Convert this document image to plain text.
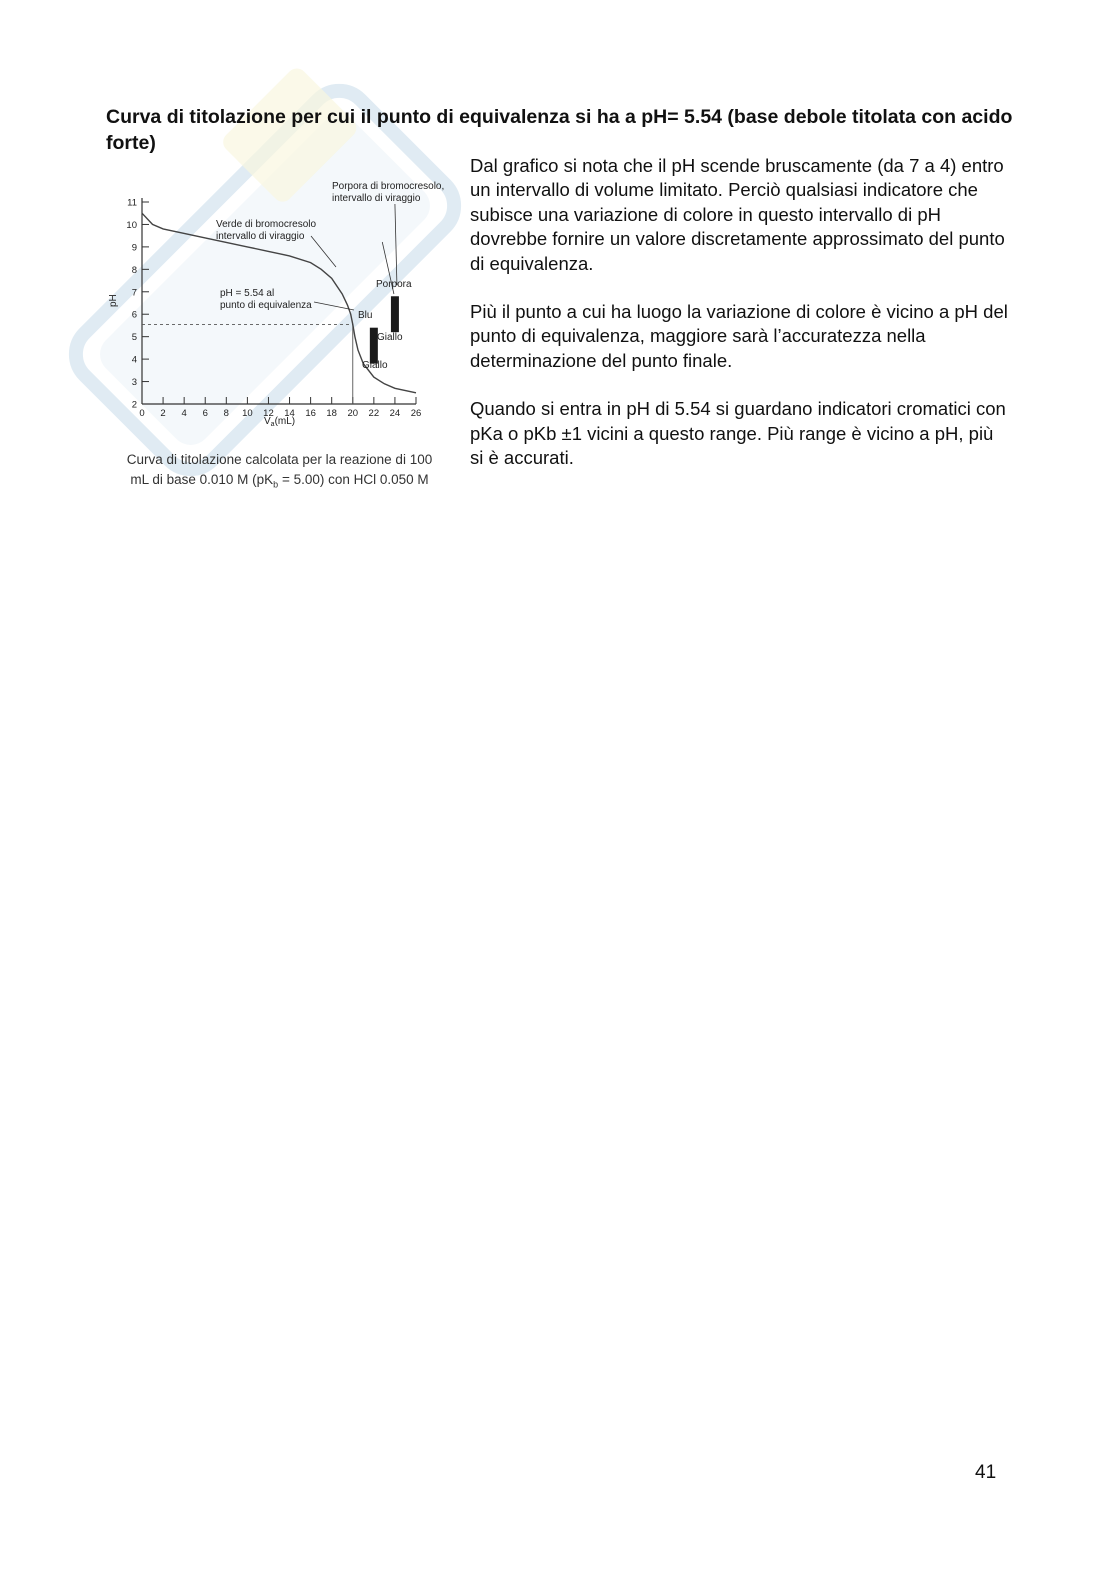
Curva di titolazione per cui il punto di equivalenza si ha a pH= 5.54 (base debole titolata con acido forte)
0 2 4 6 8 10 12 14 16 18 20 22 24 26
2
3
4
5
6
7
8
9
10
11
Porpora di bromocresolo,
intervallo di viraggio
Verde di bromocresolo
intervallo di viraggio
pH = 5.54 al
punto di equivalenza
Porpora
Blu
Giallo
Giallo
pH
$V_a(mL)$
Curva di titolazione calcolata per la reazione di 100
mL di base 0.010 M $(pK_b = 5.00)$ con HCl 0.050 M

Dal grafico si nota che il pH scende bruscamente (da 7 a 4) entro un intervallo di volume limitato. Perciò qualsiasi indicatore che subisce una variazione di colore in questo intervallo di pH dovrebbe fornire un valore discretamente approssimato del punto di equivalenza.

Più il punto a cui ha luogo la variazione di colore è vicino a pH del punto di equivalenza, maggiore sarà l’accuratezza nella determinazione del punto finale.

Quando si entra in pH di 5.54 si guardano indicatori cromatici con pKa o pKb ±1 vicini a questo range. Più range è vicino a pH, più si è accurati.

41
